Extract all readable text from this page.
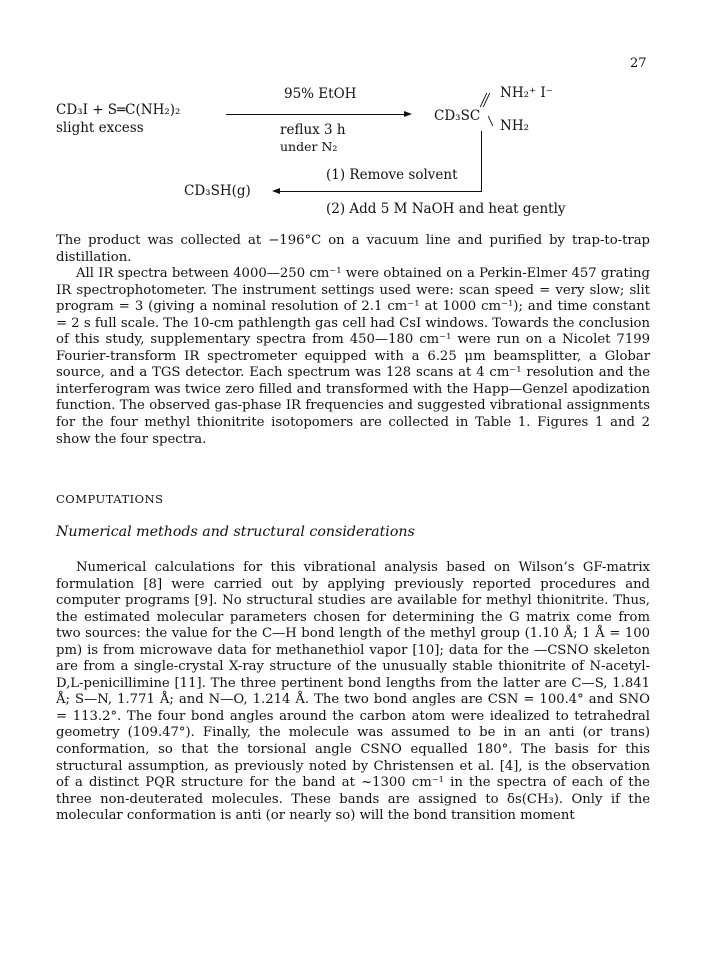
27
CD₃I + S═C(NH₂)₂
slight excess
95% EtOH
reflux 3 h
under N₂
CD₃SC
NH₂⁺ I⁻
NH₂
(1) Remove solvent
CD₃SH(g)
(2) Add 5 M NaOH and heat gently

The product was collected at −196°C on a vacuum line and purified by trap-to-trap distillation.

All IR spectra between 4000—250 cm⁻¹ were obtained on a Perkin-Elmer 457 grating IR spectrophotometer. The instrument settings used were: scan speed = very slow; slit program = 3 (giving a nominal resolution of 2.1 cm⁻¹ at 1000 cm⁻¹); and time constant = 2 s full scale. The 10-cm pathlength gas cell had CsI windows. Towards the conclusion of this study, supplementary spectra from 450—180 cm⁻¹ were run on a Nicolet 7199 Fourier-transform IR spectrometer equipped with a 6.25 μm beamsplitter, a Globar source, and a TGS detector. Each spectrum was 128 scans at 4 cm⁻¹ resolution and the interferogram was twice zero filled and transformed with the Happ—Genzel apodization function. The observed gas-phase IR frequencies and suggested vibrational assignments for the four methyl thionitrite isotopomers are collected in Table 1. Figures 1 and 2 show the four spectra.

COMPUTATIONS
Numerical methods and structural considerations

Numerical calculations for this vibrational analysis based on Wilson’s GF-matrix formulation [8] were carried out by applying previously reported procedures and computer programs [9]. No structural studies are available for methyl thionitrite. Thus, the estimated molecular parameters chosen for determining the G matrix come from two sources: the value for the C—H bond length of the methyl group (1.10 Å; 1 Å = 100 pm) is from microwave data for methanethiol vapor [10]; data for the —CSNO skeleton are from a single-crystal X-ray structure of the unusually stable thionitrite of N-acetyl-D,L-penicillimine [11]. The three pertinent bond lengths from the latter are C—S, 1.841 Å; S—N, 1.771 Å; and N—O, 1.214 Å. The two bond angles are CSN = 100.4° and SNO = 113.2°. The four bond angles around the carbon atom were idealized to tetrahedral geometry (109.47°). Finally, the molecule was assumed to be in an anti (or trans) conformation, so that the torsional angle CSNO equalled 180°. The basis for this structural assumption, as previously noted by Christensen et al. [4], is the observation of a distinct PQR structure for the band at ~1300 cm⁻¹ in the spectra of each of the three non-deuterated molecules. These bands are assigned to δs(CH₃). Only if the molecular conformation is anti (or nearly so) will the bond transition moment
